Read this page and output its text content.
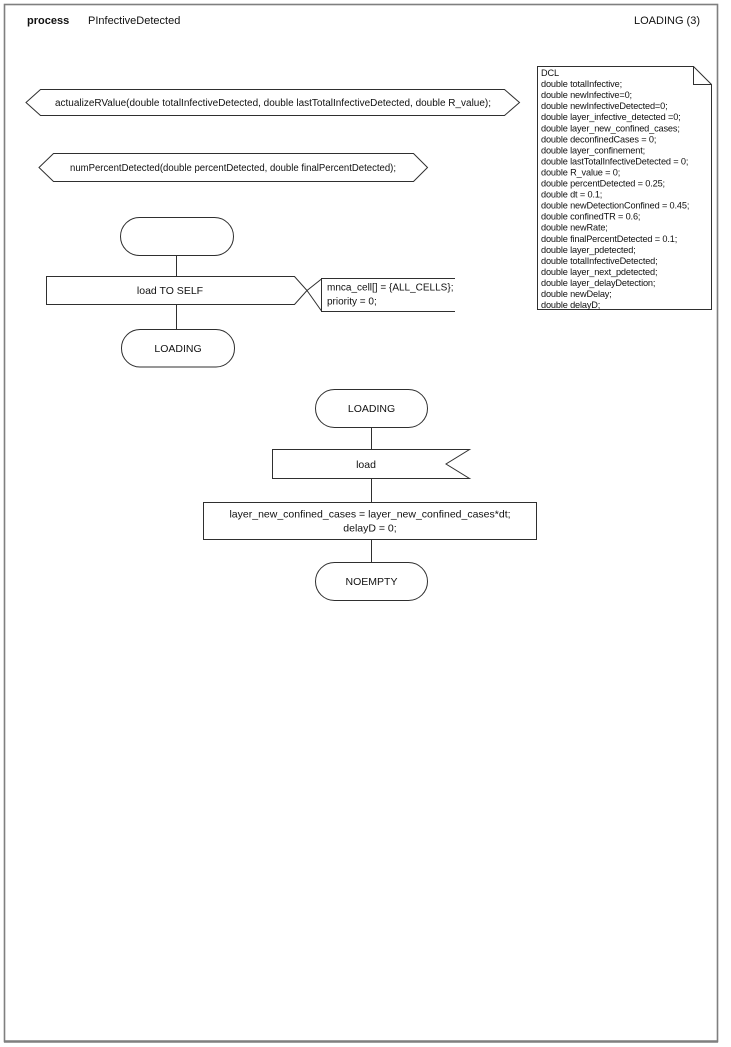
process PInfectiveDetected	LOADING (3)
DCL double totalInfective; double newInfective=0; double newInfectiveDetected=0; double layer_infective_detected =0; double layer_new_confined_cases; double deconfinedCases = 0; double layer_confinement; double lastTotalInfectiveDetected = 0; double R_value = 0; double percentDetected = 0.25; double dt = 0.1; double newDetectionConfined = 0.45; double confinedTR = 0.6; double newRate; double finalPercentDetected = 0.1; double layer_pdetected; double totalInfectiveDetected; double layer_next_pdetected; double layer_delayDetection; double newDelay; double delayD;
actualizeRValue(double totalInfectiveDetected, double lastTotalInfectiveDetected, double R_value);
numPercentDetected(double percentDetected, double finalPercentDetected);
load TO SELF	mnca_cell[] = {ALL_CELLS};
priority = 0;
LOADING
LOADING
load
layer_new_confined_cases = layer_new_confined_cases*dt;
delayD = 0;
NOEMPTY
